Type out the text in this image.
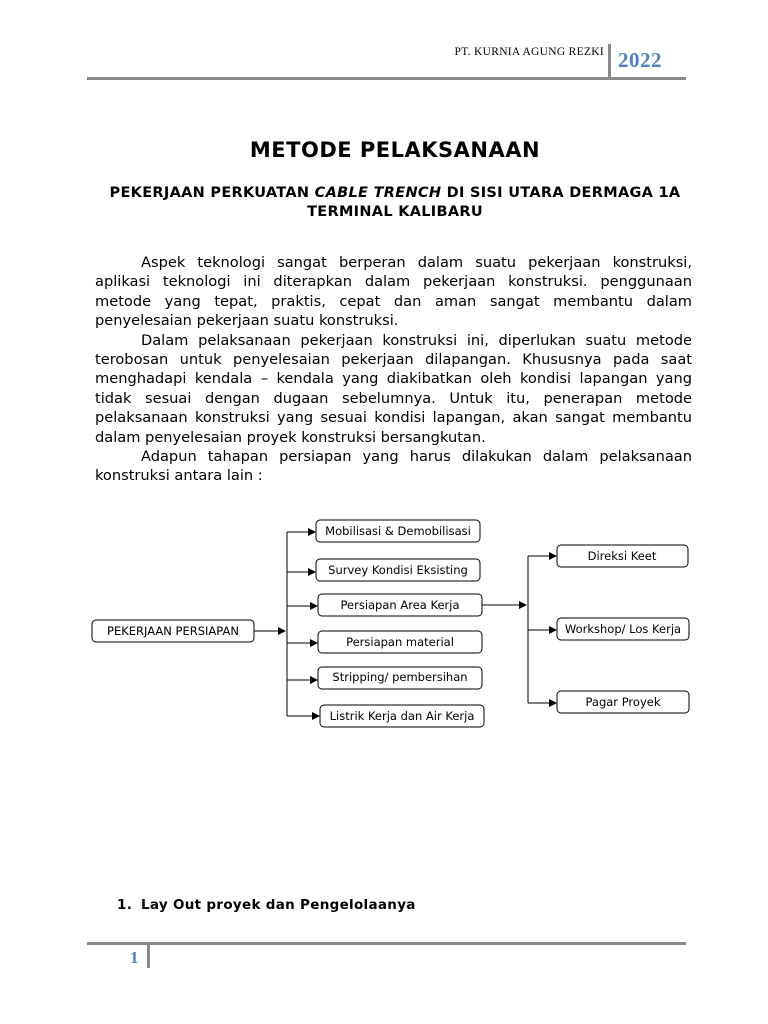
PT. KURNIA AGUNG REZKI 2022
METODE PELAKSANAAN
PEKERJAAN PERKUATAN CABLE TRENCH DI SISI UTARA DERMAGA 1A TERMINAL KALIBARU

Aspek teknologi sangat berperan dalam suatu pekerjaan konstruksi, aplikasi teknologi ini diterapkan dalam pekerjaan konstruksi. penggunaan metode yang tepat, praktis, cepat dan aman sangat membantu dalam penyelesaian pekerjaan suatu konstruksi.

Dalam pelaksanaan pekerjaan konstruksi ini, diperlukan suatu metode terobosan untuk penyelesaian pekerjaan dilapangan. Khususnya pada saat menghadapi kendala – kendala yang diakibatkan oleh kondisi lapangan yang tidak sesuai dengan dugaan sebelumnya. Untuk itu, penerapan metode pelaksanaan konstruksi yang sesuai kondisi lapangan, akan sangat membantu dalam penyelesaian proyek konstruksi bersangkutan.

Adapun tahapan persiapan yang harus dilakukan dalam pelaksanaan konstruksi antara lain :

PEKERJAAN PERSIAPAN
Mobilisasi & Demobilisasi
Survey Kondisi Eksisting
Persiapan Area Kerja
Persiapan material
Stripping/ pembersihan
Listrik Kerja dan Air Kerja
Direksi Keet
Workshop/ Los Kerja
Pagar Proyek
1. Lay Out proyek dan Pengelolaanya
1
